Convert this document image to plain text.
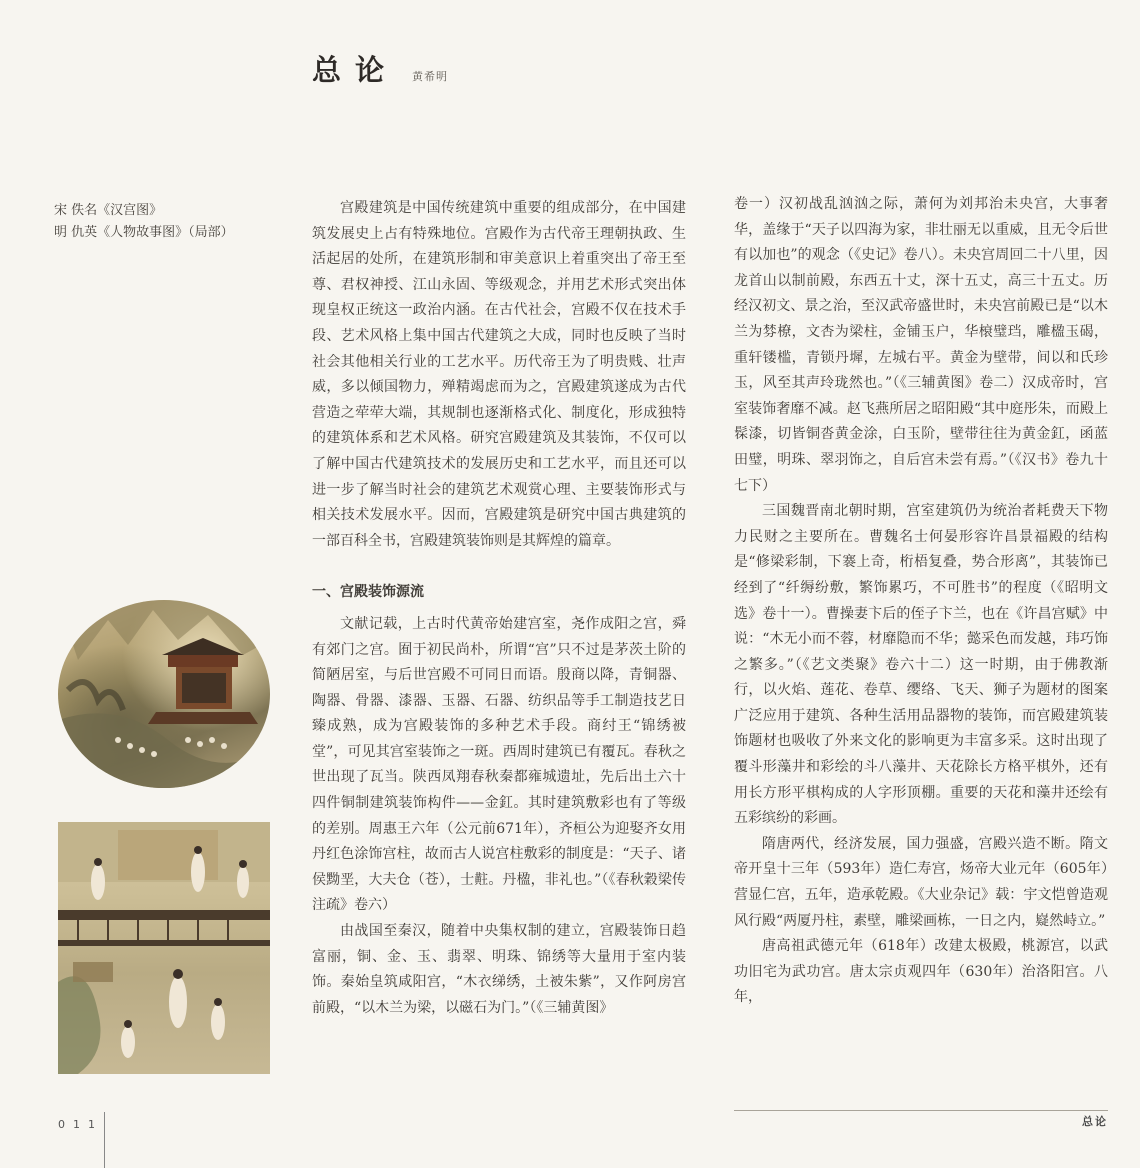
总论 黄希明
宋 佚名《汉宫图》
明 仇英《人物故事图》（局部）

宫殿建筑是中国传统建筑中重要的组成部分，在中国建筑发展史上占有特殊地位。宫殿作为古代帝王理朝执政、生活起居的处所，在建筑形制和审美意识上着重突出了帝王至尊、君权神授、江山永固、等级观念，并用艺术形式突出体现皇权正统这一政治内涵。在古代社会，宫殿不仅在技术手段、艺术风格上集中国古代建筑之大成，同时也反映了当时社会其他相关行业的工艺水平。历代帝王为了明贵贱、壮声威，多以倾国物力，殚精竭虑而为之，宫殿建筑遂成为古代营造之荦荦大端，其规制也逐渐格式化、制度化，形成独特的建筑体系和艺术风格。研究宫殿建筑及其装饰，不仅可以了解中国古代建筑技术的发展历史和工艺水平，而且还可以进一步了解当时社会的建筑艺术观赏心理、主要装饰形式与相关技术发展水平。因而，宫殿建筑是研究中国古典建筑的一部百科全书，宫殿建筑装饰则是其辉煌的篇章。

一、宫殿装饰源流

文献记载，上古时代黄帝始建宫室，尧作成阳之宫，舜有郊门之宫。囿于初民尚朴，所谓“宫”只不过是茅茨土阶的简陋居室，与后世宫殿不可同日而语。殷商以降，青铜器、陶器、骨器、漆器、玉器、石器、纺织品等手工制造技艺日臻成熟，成为宫殿装饰的多种艺术手段。商纣王“锦绣被堂”，可见其宫室装饰之一斑。西周时建筑已有覆瓦。春秋之世出现了瓦当。陕西凤翔春秋秦都雍城遗址，先后出土六十四件铜制建筑装饰构件——金釭。其时建筑敷彩也有了等级的差别。周惠王六年（公元前671年），齐桓公为迎娶齐女用丹红色涂饰宫柱，故而古人说宫柱敷彩的制度是：“天子、诸侯黝垩，大夫仓（苍），士黈。丹楹，非礼也。”（《春秋穀梁传注疏》卷六）

由战国至秦汉，随着中央集权制的建立，宫殿装饰日趋富丽，铜、金、玉、翡翠、明珠、锦绣等大量用于室内装饰。秦始皇筑咸阳宫，“木衣绨绣，土被朱紫”，又作阿房宫前殿，“以木兰为梁，以磁石为门。”（《三辅黄图》

卷一）汉初战乱汹汹之际，萧何为刘邦治未央宫，大事奢华，盖缘于“天子以四海为家，非壮丽无以重威，且无令后世有以加也”的观念（《史记》卷八）。未央宫周回二十八里，因龙首山以制前殿，东西五十丈，深十五丈，高三十五丈。历经汉初文、景之治，至汉武帝盛世时，未央宫前殿已是“以木兰为棼橑，文杏为梁柱，金铺玉户，华榱璧珰，雕楹玉碣，重轩镂槛，青锁丹墀，左城右平。黄金为壁带，间以和氏珍玉，风至其声玲珑然也。”（《三辅黄图》卷二）汉成帝时，宫室装饰奢靡不减。赵飞燕所居之昭阳殿“其中庭彤朱，而殿上髹漆，切皆铜沓黄金涂，白玉阶，壁带往往为黄金釭，函蓝田璧，明珠、翠羽饰之，自后宫未尝有焉。”（《汉书》卷九十七下）

三国魏晋南北朝时期，宫室建筑仍为统治者耗费天下物力民财之主要所在。曹魏名士何晏形容许昌景福殿的结构是“修梁彩制，下褰上奇，桁梧复叠，势合形离”，其装饰已经到了“纤缛纷敷，繁饰累巧，不可胜书”的程度（《昭明文选》卷十一）。曹操妻卞后的侄子卞兰，也在《许昌宫赋》中说：“木无小而不蓉，材靡隐而不华；懿采色而发越，玮巧饰之繁多。”（《艺文类聚》卷六十二）这一时期，由于佛教渐行，以火焰、莲花、卷草、缨络、飞天、狮子为题材的图案广泛应用于建筑、各种生活用品器物的装饰，而宫殿建筑装饰题材也吸收了外来文化的影响更为丰富多采。这时出现了覆斗形藻井和彩绘的斗八藻井、天花除长方格平棋外，还有用长方形平棋构成的人字形顶棚。重要的天花和藻井还绘有五彩缤纷的彩画。

隋唐两代，经济发展，国力强盛，宫殿兴造不断。隋文帝开皇十三年（593年）造仁寿宫，炀帝大业元年（605年）营显仁宫，五年，造承乾殿。《大业杂记》载：宇文恺曾造观风行殿“两厦丹柱，素壁，雕梁画栋，一日之内，嶷然峙立。”

唐高祖武德元年（618年）改建太极殿，桃源宫，以武功旧宅为武功宫。唐太宗贞观四年（630年）治洛阳宫。八年，

011	总论
